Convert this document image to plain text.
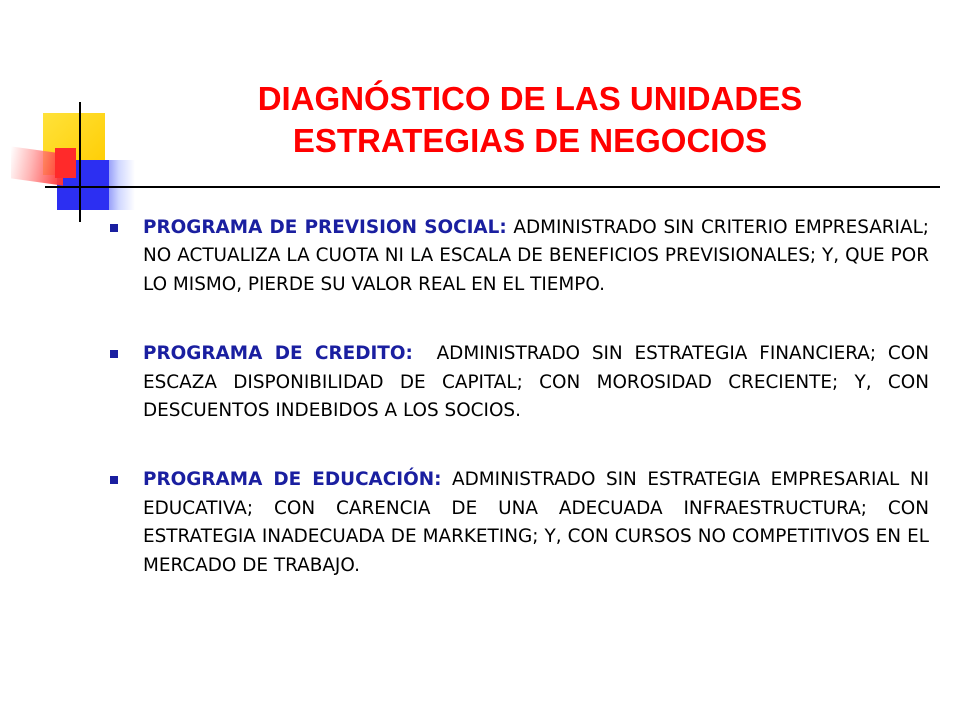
DIAGNÓSTICO DE LAS UNIDADES
ESTRATEGIAS DE NEGOCIOS

PROGRAMA DE PREVISION SOCIAL: ADMINISTRADO SIN CRITERIO EMPRESARIAL; NO ACTUALIZA LA CUOTA NI LA ESCALA DE BENEFICIOS PREVISIONALES; Y, QUE POR LO MISMO, PIERDE SU VALOR REAL EN EL TIEMPO.

PROGRAMA DE CREDITO:  ADMINISTRADO SIN ESTRATEGIA FINANCIERA; CON ESCAZA DISPONIBILIDAD DE CAPITAL; CON MOROSIDAD CRECIENTE; Y, CON DESCUENTOS INDEBIDOS A LOS SOCIOS.

PROGRAMA DE EDUCACIÓN: ADMINISTRADO SIN ESTRATEGIA EMPRESARIAL NI EDUCATIVA; CON CARENCIA DE UNA ADECUADA INFRAESTRUCTURA; CON ESTRATEGIA INADECUADA DE MARKETING; Y, CON CURSOS NO COMPETITIVOS EN EL MERCADO DE TRABAJO.
